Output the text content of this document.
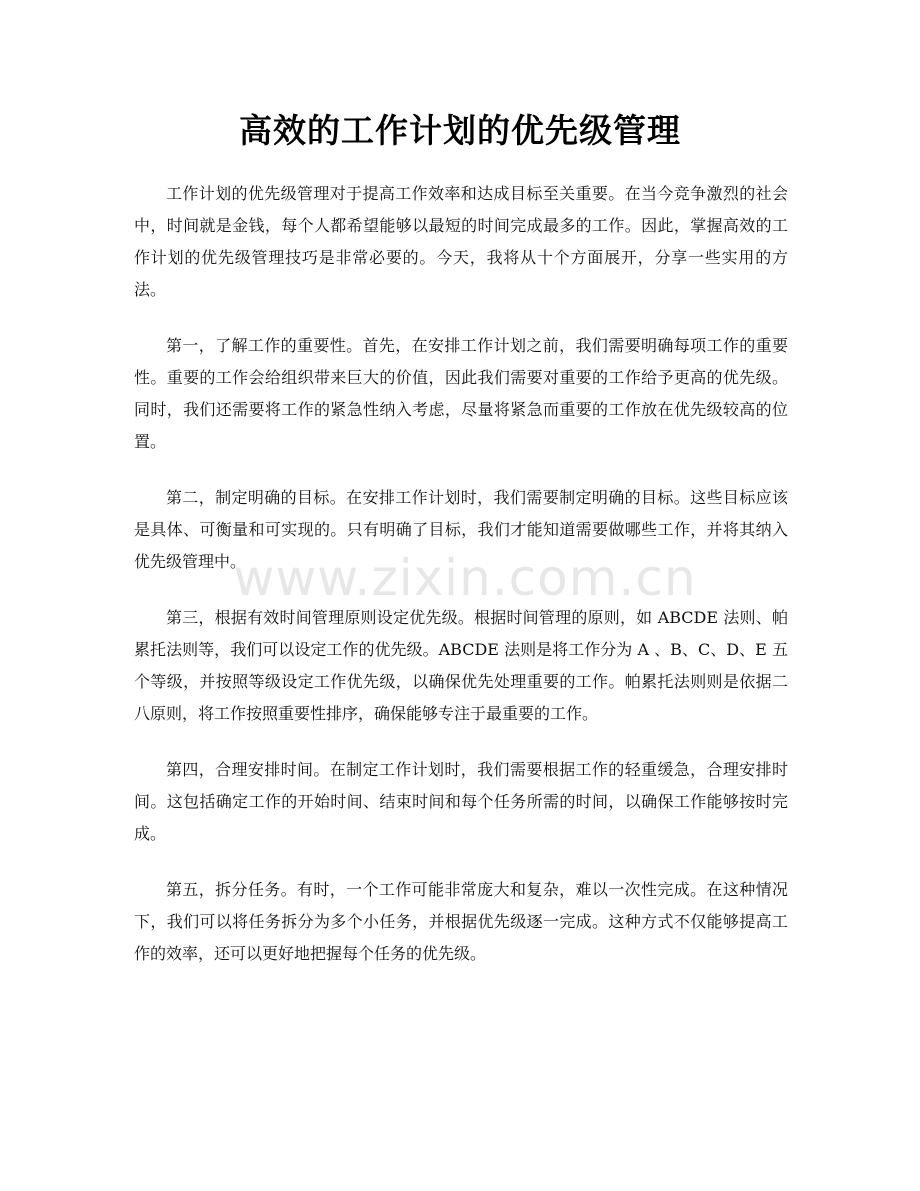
高效的工作计划的优先级管理

工作计划的优先级管理对于提高工作效率和达成目标至关重要。在当今竞争激烈的社会中，时间就是金钱，每个人都希望能够以最短的时间完成最多的工作。因此，掌握高效的工作计划的优先级管理技巧是非常必要的。今天，我将从十个方面展开，分享一些实用的方法。

第一，了解工作的重要性。首先，在安排工作计划之前，我们需要明确每项工作的重要性。重要的工作会给组织带来巨大的价值，因此我们需要对重要的工作给予更高的优先级。同时，我们还需要将工作的紧急性纳入考虑，尽量将紧急而重要的工作放在优先级较高的位置。

第二，制定明确的目标。在安排工作计划时，我们需要制定明确的目标。这些目标应该是具体、可衡量和可实现的。只有明确了目标，我们才能知道需要做哪些工作，并将其纳入优先级管理中。

第三，根据有效时间管理原则设定优先级。根据时间管理的原则，如 ABCDE 法则、帕累托法则等，我们可以设定工作的优先级。ABCDE 法则是将工作分为 A 、B、C、D、E 五个等级，并按照等级设定工作优先级，以确保优先处理重要的工作。帕累托法则则是依据二八原则，将工作按照重要性排序，确保能够专注于最重要的工作。

第四，合理安排时间。在制定工作计划时，我们需要根据工作的轻重缓急，合理安排时间。这包括确定工作的开始时间、结束时间和每个任务所需的时间，以确保工作能够按时完成。

第五，拆分任务。有时，一个工作可能非常庞大和复杂，难以一次性完成。在这种情况下，我们可以将任务拆分为多个小任务，并根据优先级逐一完成。这种方式不仅能够提高工作的效率，还可以更好地把握每个任务的优先级。

www.zixin.com.cn
